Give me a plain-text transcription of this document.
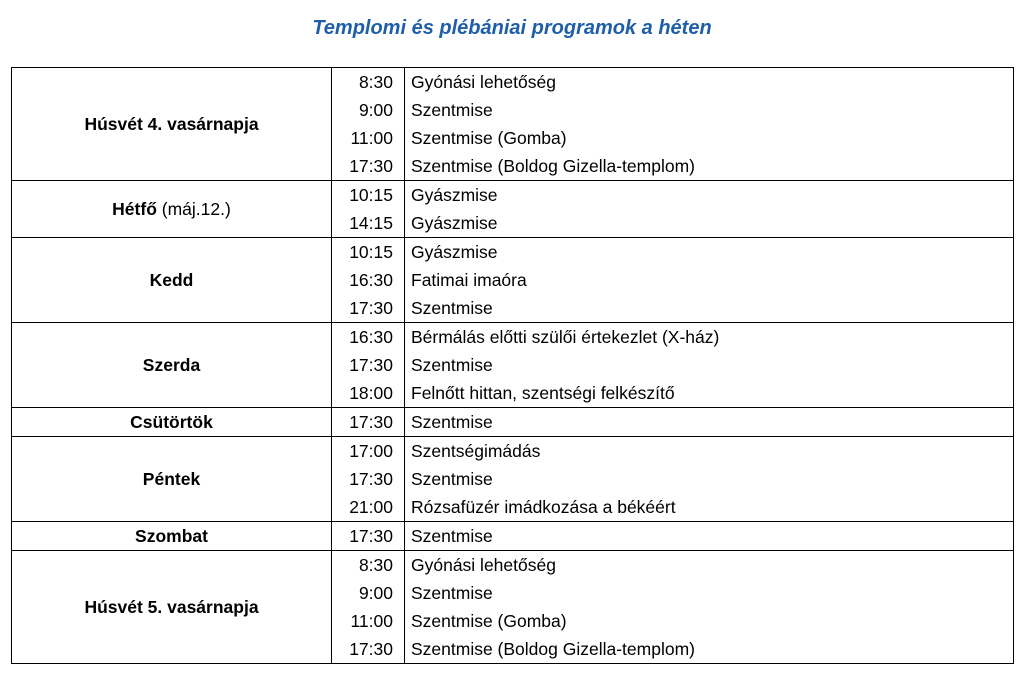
Templomi és plébániai programok a héten
Húsvét 4. vasárnapja	8:30	Gyónási lehetőség
	9:00	Szentmise
	11:00	Szentmise (Gomba)
	17:30	Szentmise (Boldog Gizella-templom)
Hétfő (máj.12.)	10:15	Gyászmise
	14:15	Gyászmise
Kedd	10:15	Gyászmise
	16:30	Fatimai imaóra
	17:30	Szentmise
Szerda	16:30	Bérmálás előtti szülői értekezlet (X-ház)
	17:30	Szentmise
	18:00	Felnőtt hittan, szentségi felkészítő
Csütörtök	17:30	Szentmise
Péntek	17:00	Szentségimádás
	17:30	Szentmise
	21:00	Rózsafüzér imádkozása a békéért
Szombat	17:30	Szentmise
Húsvét 5. vasárnapja	8:30	Gyónási lehetőség
	9:00	Szentmise
	11:00	Szentmise (Gomba)
	17:30	Szentmise (Boldog Gizella-templom)
